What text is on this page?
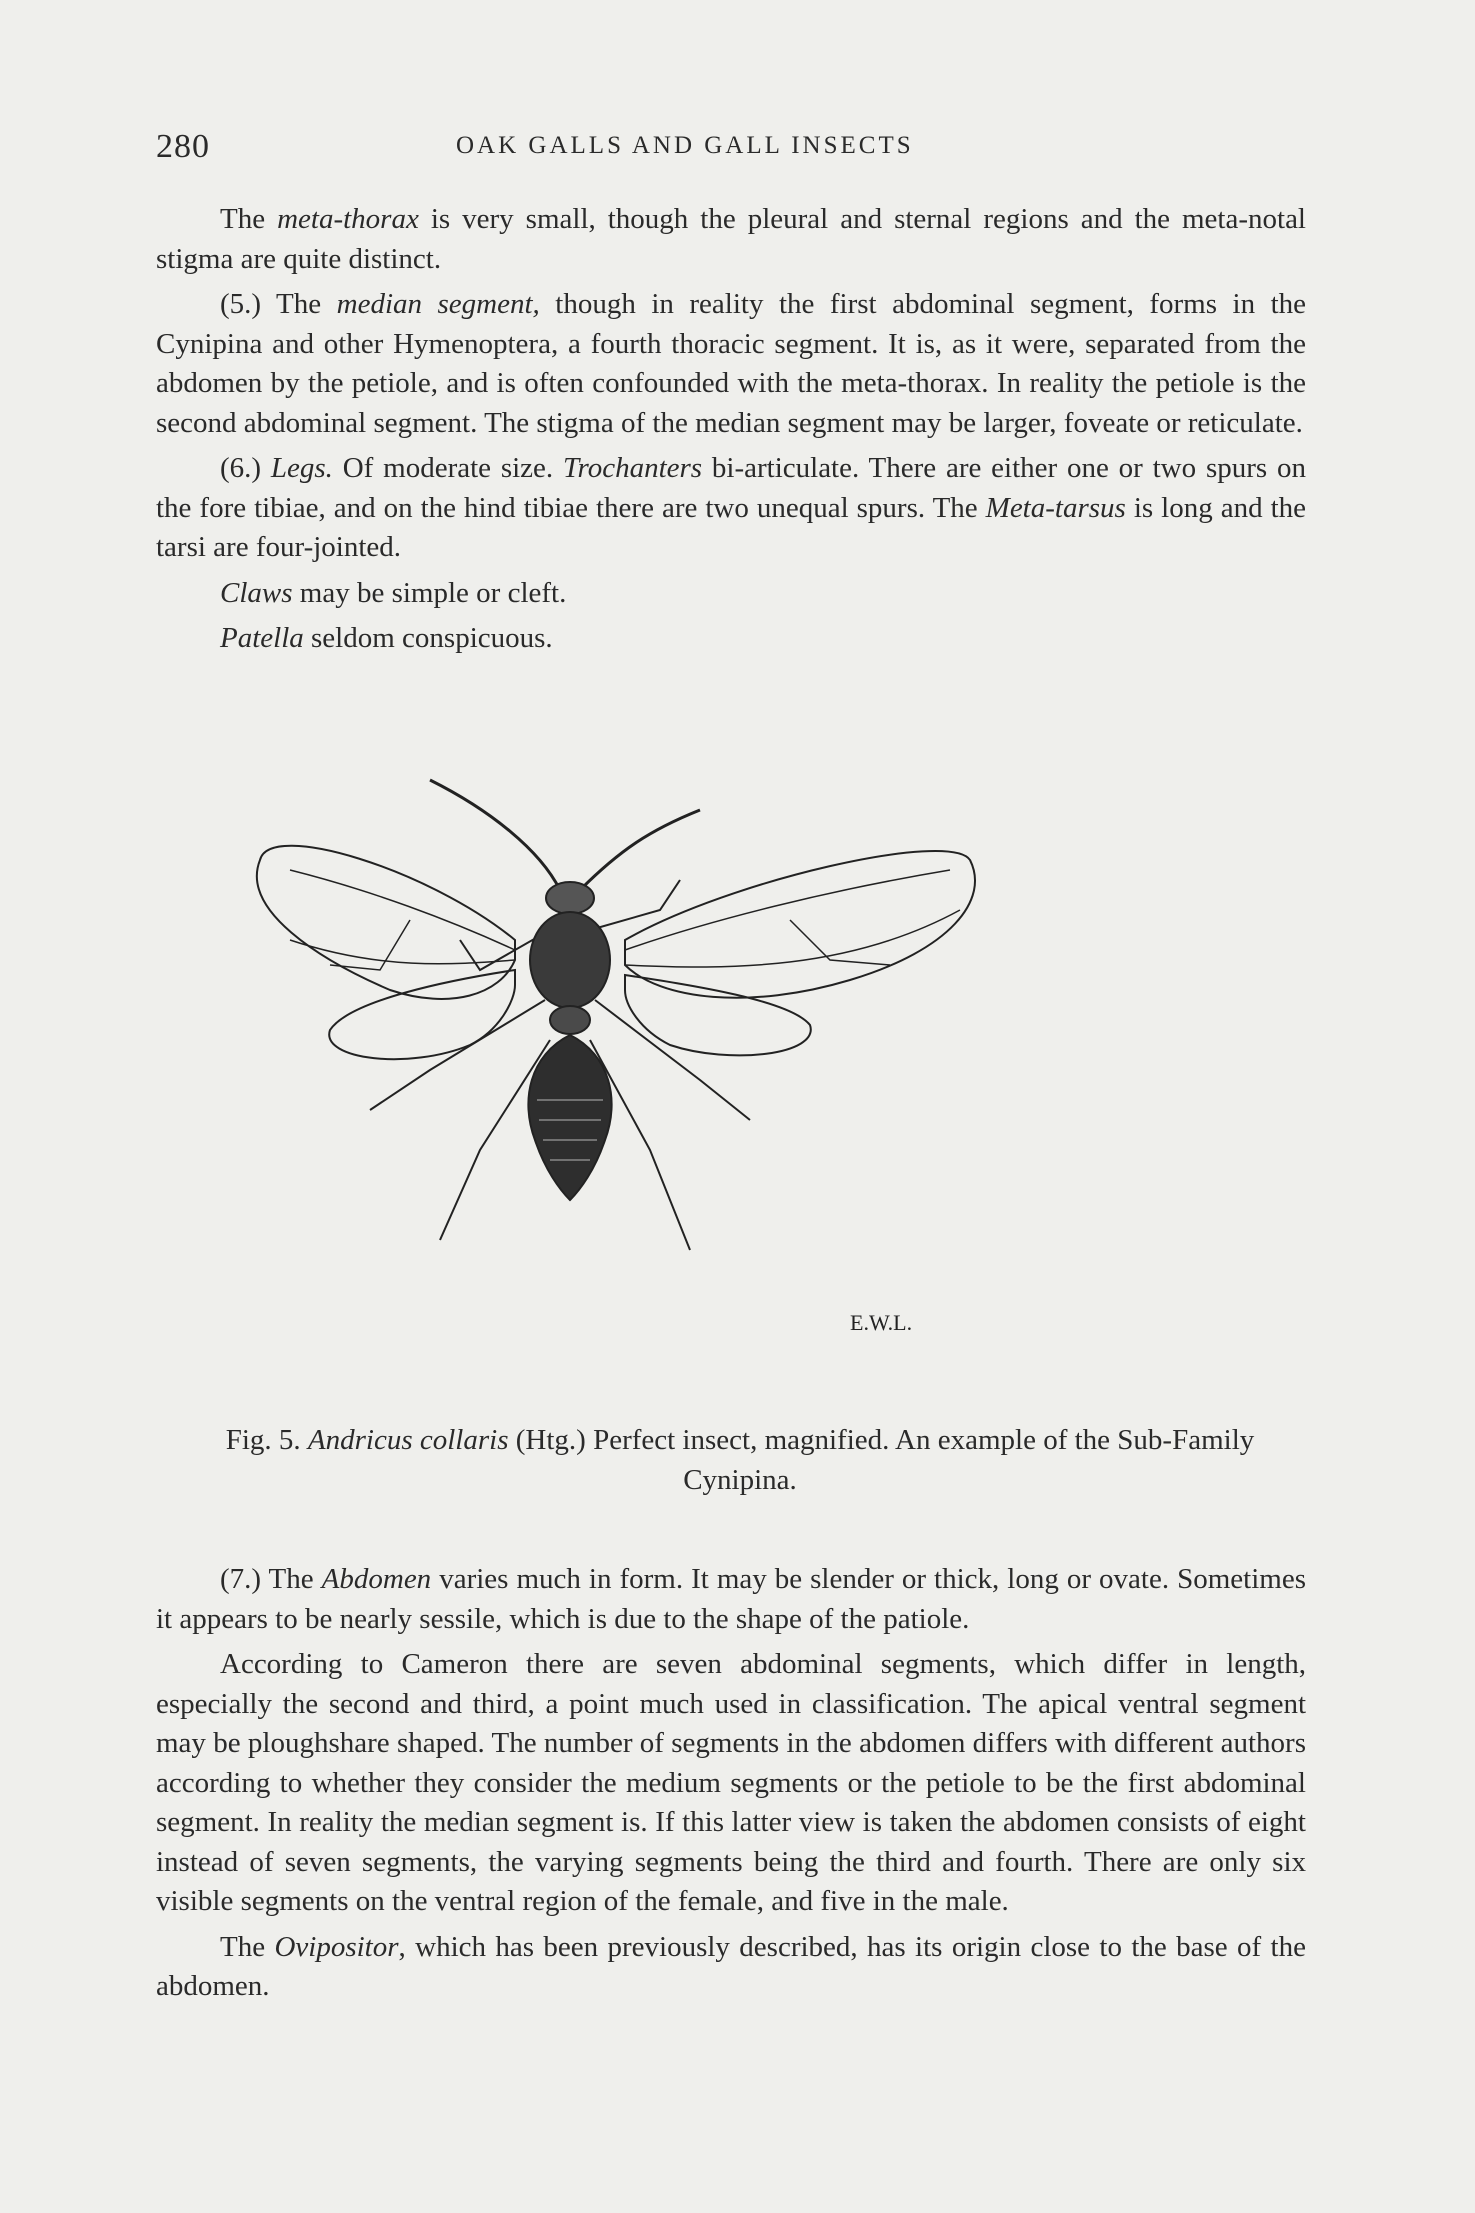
280	OAK GALLS AND GALL INSECTS

The meta-thorax is very small, though the pleural and sternal regions and the meta-notal stigma are quite distinct.

(5.) The median segment, though in reality the first abdominal segment, forms in the Cynipina and other Hymenoptera, a fourth thoracic segment. It is, as it were, separated from the abdomen by the petiole, and is often confounded with the meta-thorax. In reality the petiole is the second abdominal segment. The stigma of the median segment may be larger, foveate or reticulate.

(6.) Legs. Of moderate size. Trochanters bi-articulate. There are either one or two spurs on the fore tibiae, and on the hind tibiae there are two unequal spurs. The Meta-tarsus is long and the tarsi are four-jointed.

Claws may be simple or cleft.

Patella seldom conspicuous.

E.W.L.
Fig. 5. Andricus collaris (Htg.) Perfect insect, magnified. An example of the Sub-Family Cynipina.

(7.) The Abdomen varies much in form. It may be slender or thick, long or ovate. Sometimes it appears to be nearly sessile, which is due to the shape of the patiole.

According to Cameron there are seven abdominal segments, which differ in length, especially the second and third, a point much used in classification. The apical ventral segment may be ploughshare shaped. The number of segments in the abdomen differs with different authors according to whether they consider the medium segments or the petiole to be the first abdominal segment. In reality the median segment is. If this latter view is taken the abdomen consists of eight instead of seven segments, the varying segments being the third and fourth. There are only six visible segments on the ventral region of the female, and five in the male.

The Ovipositor, which has been previously described, has its origin close to the base of the abdomen.
